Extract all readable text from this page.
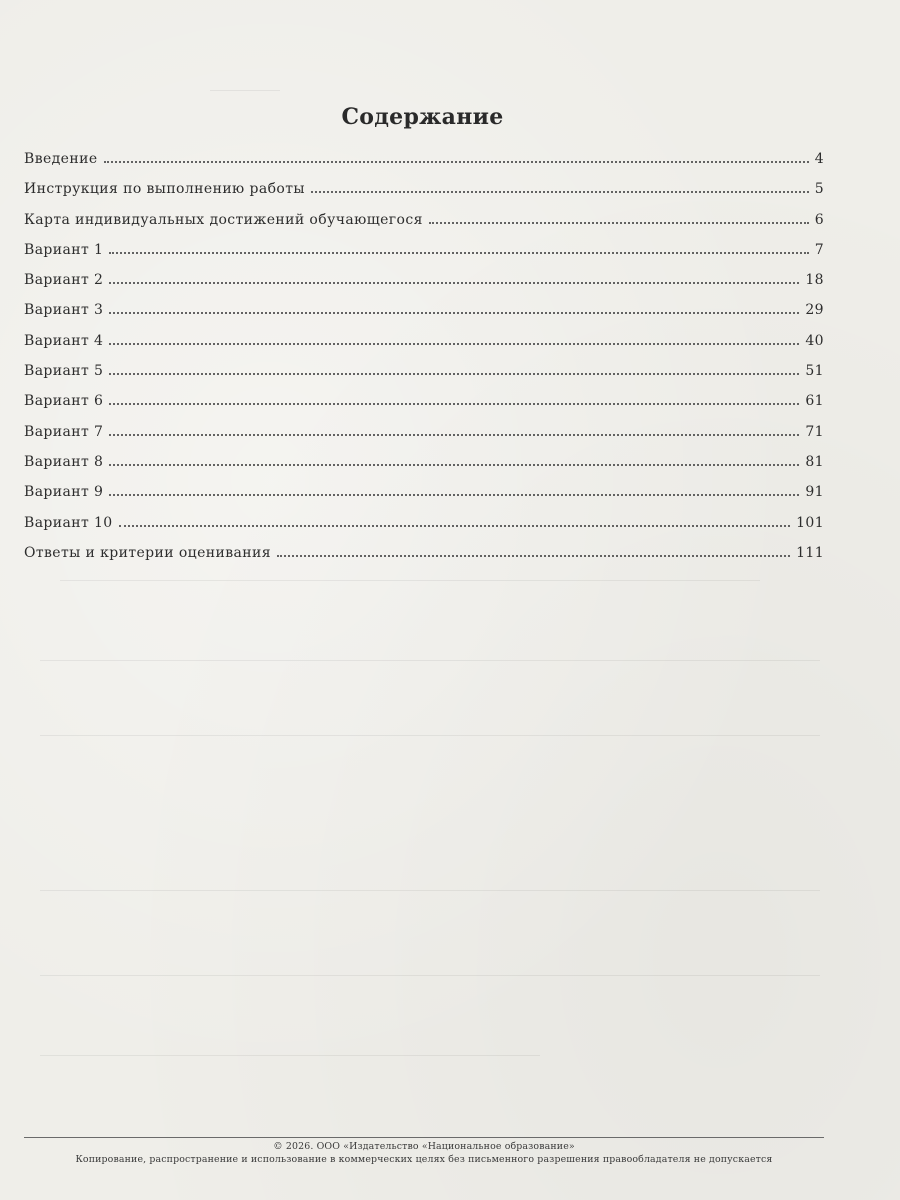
Содержание
Введение	4
Инструкция по выполнению работы	5
Карта индивидуальных достижений обучающегося	6
Вариант 1	7
Вариант 2	18
Вариант 3	29
Вариант 4	40
Вариант 5	51
Вариант 6	61
Вариант 7	71
Вариант 8	81
Вариант 9	91
Вариант 10	101
Ответы и критерии оценивания	111
© 2026. ООО «Издательство «Национальное образование»
Копирование, распространение и использование в коммерческих целях без письменного разрешения правообладателя не допускается
